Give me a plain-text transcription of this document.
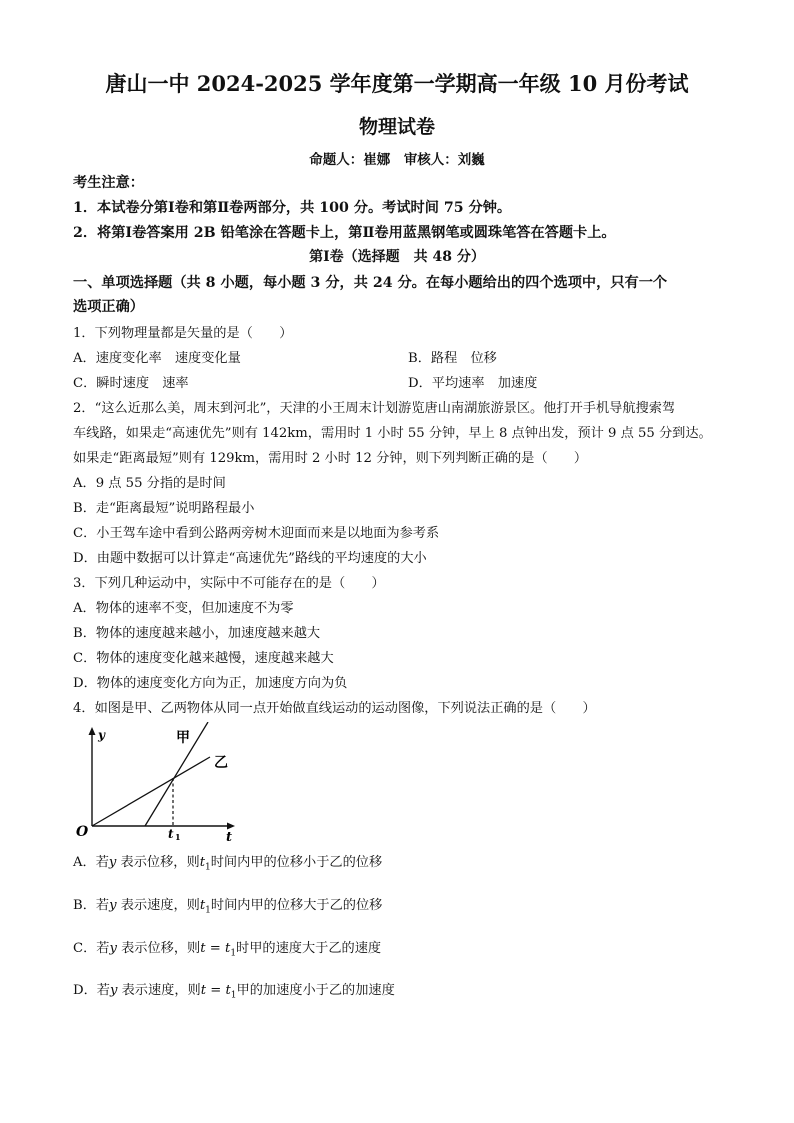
唐山一中 2024-2025 学年度第一学期高一年级 10 月份考试
物理试卷
命题人：崔娜　审核人：刘巍
考生注意：
1．本试卷分第Ⅰ卷和第Ⅱ卷两部分，共 100 分。考试时间 75 分钟。
2．将第Ⅰ卷答案用 2B 铅笔涂在答题卡上，第Ⅱ卷用蓝黑钢笔或圆珠笔答在答题卡上。
第Ⅰ卷（选择题　共 48 分）
一、单项选择题（共 8 小题，每小题 3 分，共 24 分。在每小题给出的四个选项中，只有一个
选项正确）
1．下列物理量都是矢量的是（　　）
A．速度变化率　速度变化量	B．路程　位移
C．瞬时速度　速率	D．平均速率　加速度
2．“这么近那么美，周末到河北”，天津的小王周末计划游览唐山南湖旅游景区。他打开手机导航搜索驾
车线路，如果走“高速优先”则有 142km，需用时 1 小时 55 分钟，早上 8 点钟出发，预计 9 点 55 分到达。
如果走“距离最短”则有 129km，需用时 2 小时 12 分钟，则下列判断正确的是（　　）
A．9 点 55 分指的是时间
B．走“距离最短”说明路程最小
C．小王驾车途中看到公路两旁树木迎面而来是以地面为参考系
D．由题中数据可以计算走“高速优先”路线的平均速度的大小
3．下列几种运动中，实际中不可能存在的是（　　）
A．物体的速率不变，但加速度不为零
B．物体的速度越来越小，加速度越来越大
C．物体的速度变化越来越慢，速度越来越大
D．物体的速度变化方向为正，加速度方向为负
4．如图是甲、乙两物体从同一点开始做直线运动的运动图像，下列说法正确的是（　　）
y
t
O	t 1
甲
乙
A．若y 表示位移，则$t_1$时间内甲的位移小于乙的位移
B．若y 表示速度，则$t_1$时间内甲的位移大于乙的位移
C．若y 表示位移，则$t = t_1$时甲的速度大于乙的速度
D．若y 表示速度，则$t = t_1$甲的加速度小于乙的加速度
